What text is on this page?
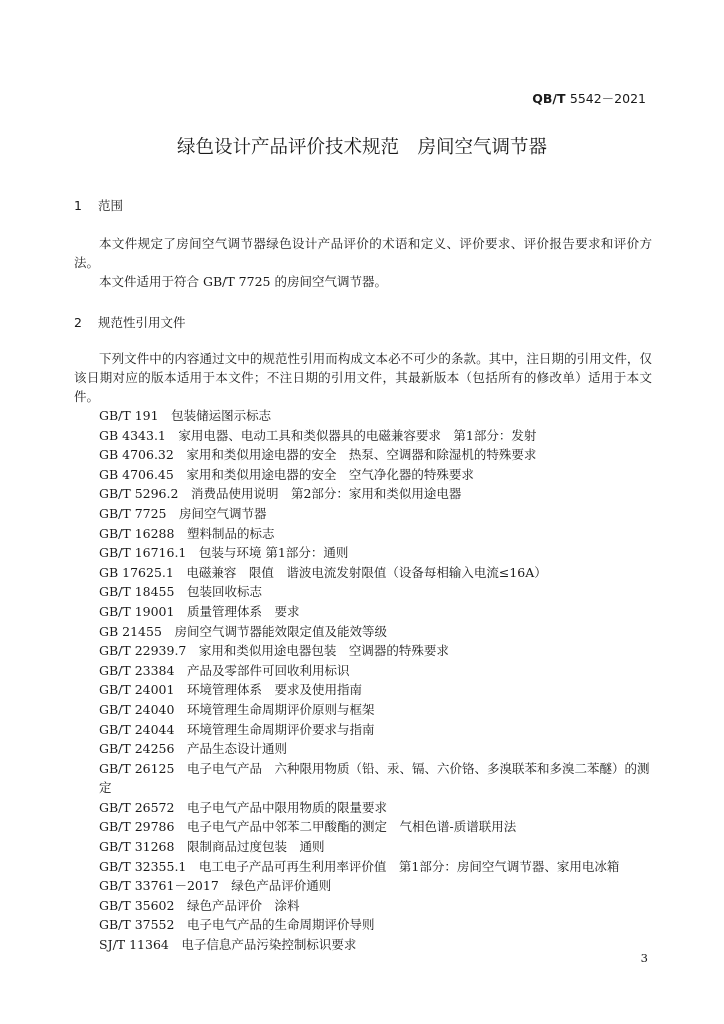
QB/T 5542－2021
绿色设计产品评价技术规范　房间空气调节器
1 范围
本文件规定了房间空气调节器绿色设计产品评价的术语和定义、评价要求、评价报告要求和评价方法。
本文件适用于符合 GB/T 7725 的房间空气调节器。
2 规范性引用文件
下列文件中的内容通过文中的规范性引用而构成文本必不可少的条款。其中，注日期的引用文件，仅该日期对应的版本适用于本文件；不注日期的引用文件，其最新版本（包括所有的修改单）适用于本文件。
GB/T 191　 包装储运图示标志
GB 4343.1　 家用电器、电动工具和类似器具的电磁兼容要求　第1部分：发射
GB 4706.32　 家用和类似用途电器的安全　热泵、空调器和除湿机的特殊要求
GB 4706.45　 家用和类似用途电器的安全　空气净化器的特殊要求
GB/T 5296.2　 消费品使用说明　第2部分：家用和类似用途电器
GB/T 7725　 房间空气调节器
GB/T 16288　 塑料制品的标志
GB/T 16716.1　 包装与环境 第1部分：通则
GB 17625.1　 电磁兼容　限值　谐波电流发射限值（设备每相输入电流≤16A）
GB/T 18455　 包装回收标志
GB/T 19001　 质量管理体系　要求
GB 21455　 房间空气调节器能效限定值及能效等级
GB/T 22939.7　 家用和类似用途电器包装　空调器的特殊要求
GB/T 23384　 产品及零部件可回收利用标识
GB/T 24001　 环境管理体系　要求及使用指南
GB/T 24040　 环境管理生命周期评价原则与框架
GB/T 24044　 环境管理生命周期评价要求与指南
GB/T 24256　 产品生态设计通则
GB/T 26125　 电子电气产品　六种限用物质（铅、汞、镉、六价铬、多溴联苯和多溴二苯醚）的测定
GB/T 26572　 电子电气产品中限用物质的限量要求
GB/T 29786　 电子电气产品中邻苯二甲酸酯的测定　气相色谱-质谱联用法
GB/T 31268　 限制商品过度包装　通则
GB/T 32355.1　 电工电子产品可再生利用率评价值　第1部分：房间空气调节器、家用电冰箱
GB/T 33761－2017　 绿色产品评价通则
GB/T 35602　 绿色产品评价　涂料
GB/T 37552　 电子电气产品的生命周期评价导则
SJ/T 11364　 电子信息产品污染控制标识要求
3
